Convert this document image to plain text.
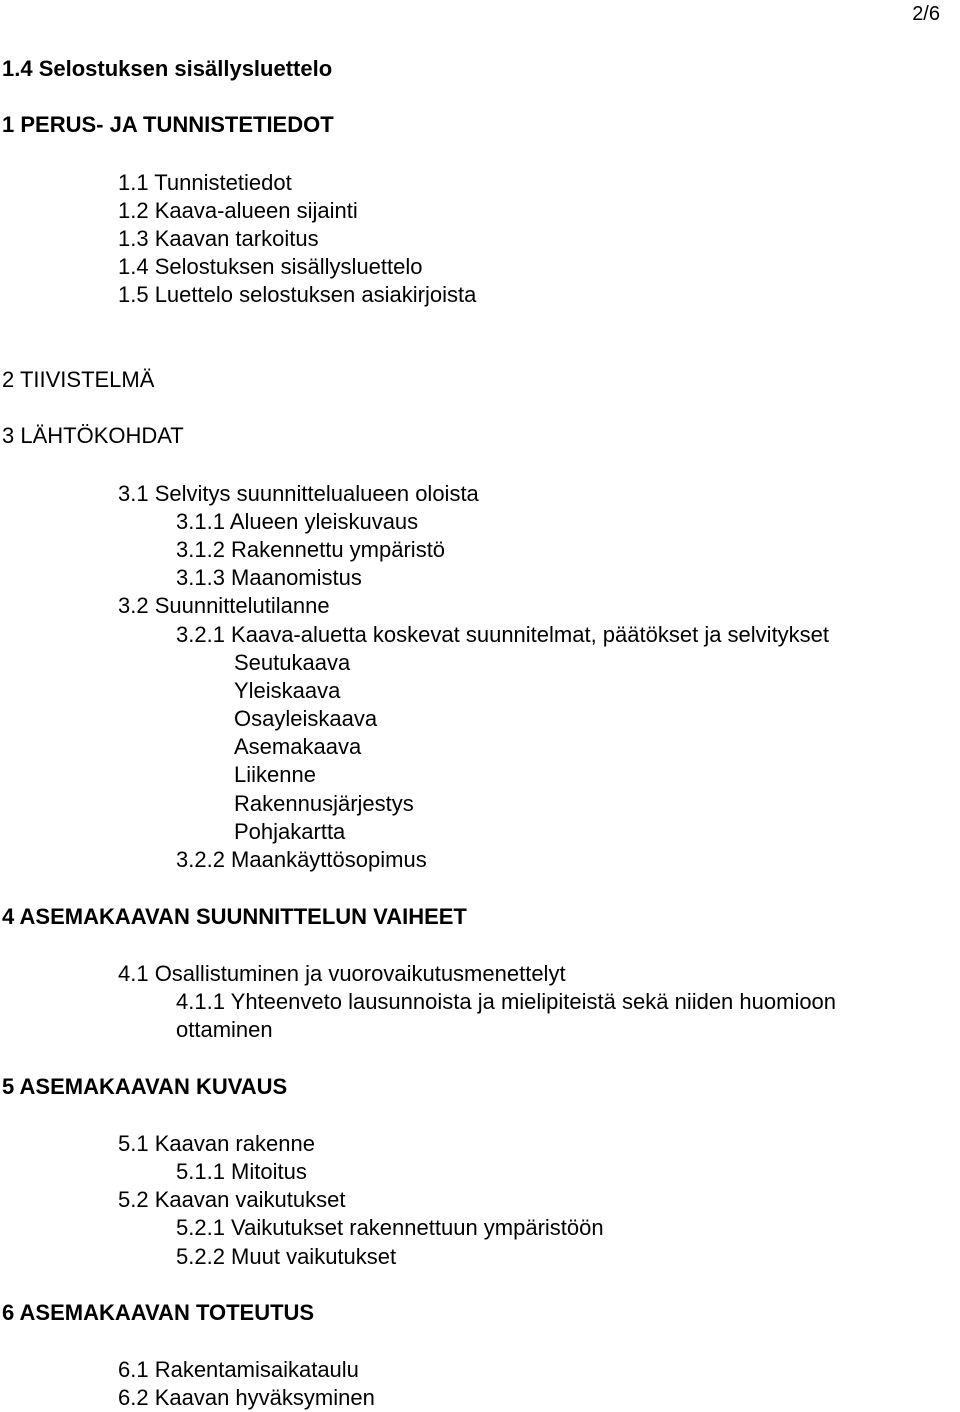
2/6
1.4 Selostuksen sisällysluettelo
1 PERUS- JA TUNNISTETIEDOT
1.1 Tunnistetiedot
1.2 Kaava-alueen sijainti
1.3 Kaavan tarkoitus
1.4 Selostuksen sisällysluettelo
1.5 Luettelo selostuksen asiakirjoista
2 TIIVISTELMÄ
3 LÄHTÖKOHDAT
3.1 Selvitys suunnittelualueen oloista
3.1.1 Alueen yleiskuvaus
3.1.2 Rakennettu ympäristö
3.1.3 Maanomistus
3.2 Suunnittelutilanne
3.2.1 Kaava-aluetta koskevat suunnitelmat, päätökset ja selvitykset
Seutukaava
Yleiskaava
Osayleiskaava
Asemakaava
Liikenne
Rakennusjärjestys
Pohjakartta
3.2.2 Maankäyttösopimus
4 ASEMAKAAVAN SUUNNITTELUN VAIHEET
4.1 Osallistuminen ja vuorovaikutusmenettelyt
4.1.1 Yhteenveto lausunnoista ja mielipiteistä sekä niiden huomioon
ottaminen
5 ASEMAKAAVAN KUVAUS
5.1 Kaavan rakenne
5.1.1 Mitoitus
5.2 Kaavan vaikutukset
5.2.1 Vaikutukset rakennettuun ympäristöön
5.2.2 Muut vaikutukset
6 ASEMAKAAVAN TOTEUTUS
6.1 Rakentamisaikataulu
6.2 Kaavan hyväksyminen
